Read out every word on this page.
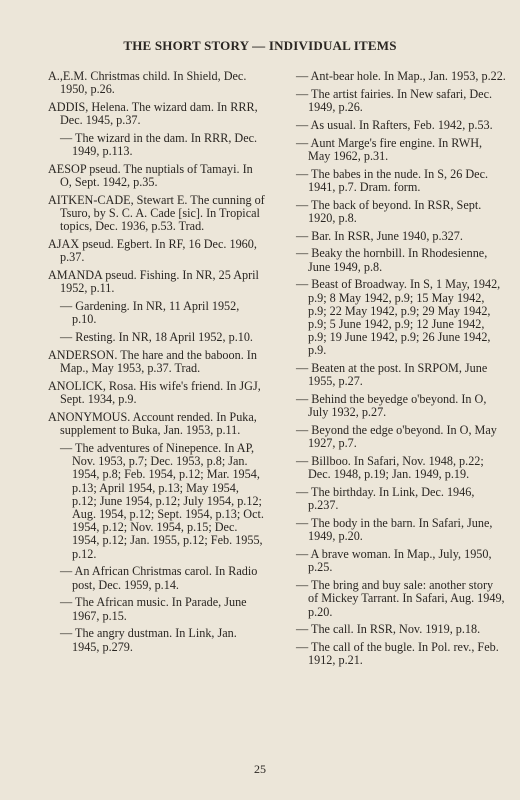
THE SHORT STORY — INDIVIDUAL ITEMS
A.,E.M. Christmas child. In Shield, Dec. 1950, p.26.
ADDIS, Helena. The wizard dam. In RRR, Dec. 1945, p.37.
— The wizard in the dam. In RRR, Dec. 1949, p.113.
AESOP pseud. The nuptials of Tamayi. In O, Sept. 1942, p.35.
AITKEN-CADE, Stewart E. The cunning of Tsuro, by S. C. A. Cade [sic]. In Tropical topics, Dec. 1936, p.53. Trad.
AJAX pseud. Egbert. In RF, 16 Dec. 1960, p.37.
AMANDA pseud. Fishing. In NR, 25 April 1952, p.11.
— Gardening. In NR, 11 April 1952, p.10.
— Resting. In NR, 18 April 1952, p.10.
ANDERSON. The hare and the baboon. In Map., May 1953, p.37. Trad.
ANOLICK, Rosa. His wife's friend. In JGJ, Sept. 1934, p.9.
ANONYMOUS. Account rended. In Puka, supplement to Buka, Jan. 1953, p.11.
— The adventures of Ninepence. In AP, Nov. 1953, p.7; Dec. 1953, p.8; Jan. 1954, p.8; Feb. 1954, p.12; Mar. 1954, p.13; April 1954, p.13; May 1954, p.12; June 1954, p.12; July 1954, p.12; Aug. 1954, p.12; Sept. 1954, p.13; Oct. 1954, p.12; Nov. 1954, p.15; Dec. 1954, p.12; Jan. 1955, p.12; Feb. 1955, p.12.
— An African Christmas carol. In Radio post, Dec. 1959, p.14.
— The African music. In Parade, June 1967, p.15.
— The angry dustman. In Link, Jan. 1945, p.279.
— Ant-bear hole. In Map., Jan. 1953, p.22.
— The artist fairies. In New safari, Dec. 1949, p.26.
— As usual. In Rafters, Feb. 1942, p.53.
— Aunt Marge's fire engine. In RWH, May 1962, p.31.
— The babes in the nude. In S, 26 Dec. 1941, p.7. Dram. form.
— The back of beyond. In RSR, Sept. 1920, p.8.
— Bar. In RSR, June 1940, p.327.
— Beaky the hornbill. In Rhodesienne, June 1949, p.8.
— Beast of Broadway. In S, 1 May, 1942, p.9; 8 May 1942, p.9; 15 May 1942, p.9; 22 May 1942, p.9; 29 May 1942, p.9; 5 June 1942, p.9; 12 June 1942, p.9; 19 June 1942, p.9; 26 June 1942, p.9.
— Beaten at the post. In SRPOM, June 1955, p.27.
— Behind the beyedge o'beyond. In O, July 1932, p.27.
— Beyond the edge o'beyond. In O, May 1927, p.7.
— Billboo. In Safari, Nov. 1948, p.22; Dec. 1948, p.19; Jan. 1949, p.19.
— The birthday. In Link, Dec. 1946, p.237.
— The body in the barn. In Safari, June, 1949, p.20.
— A brave woman. In Map., July, 1950, p.25.
— The bring and buy sale: another story of Mickey Tarrant. In Safari, Aug. 1949, p.20.
— The call. In RSR, Nov. 1919, p.18.
— The call of the bugle. In Pol. rev., Feb. 1912, p.21.
25
